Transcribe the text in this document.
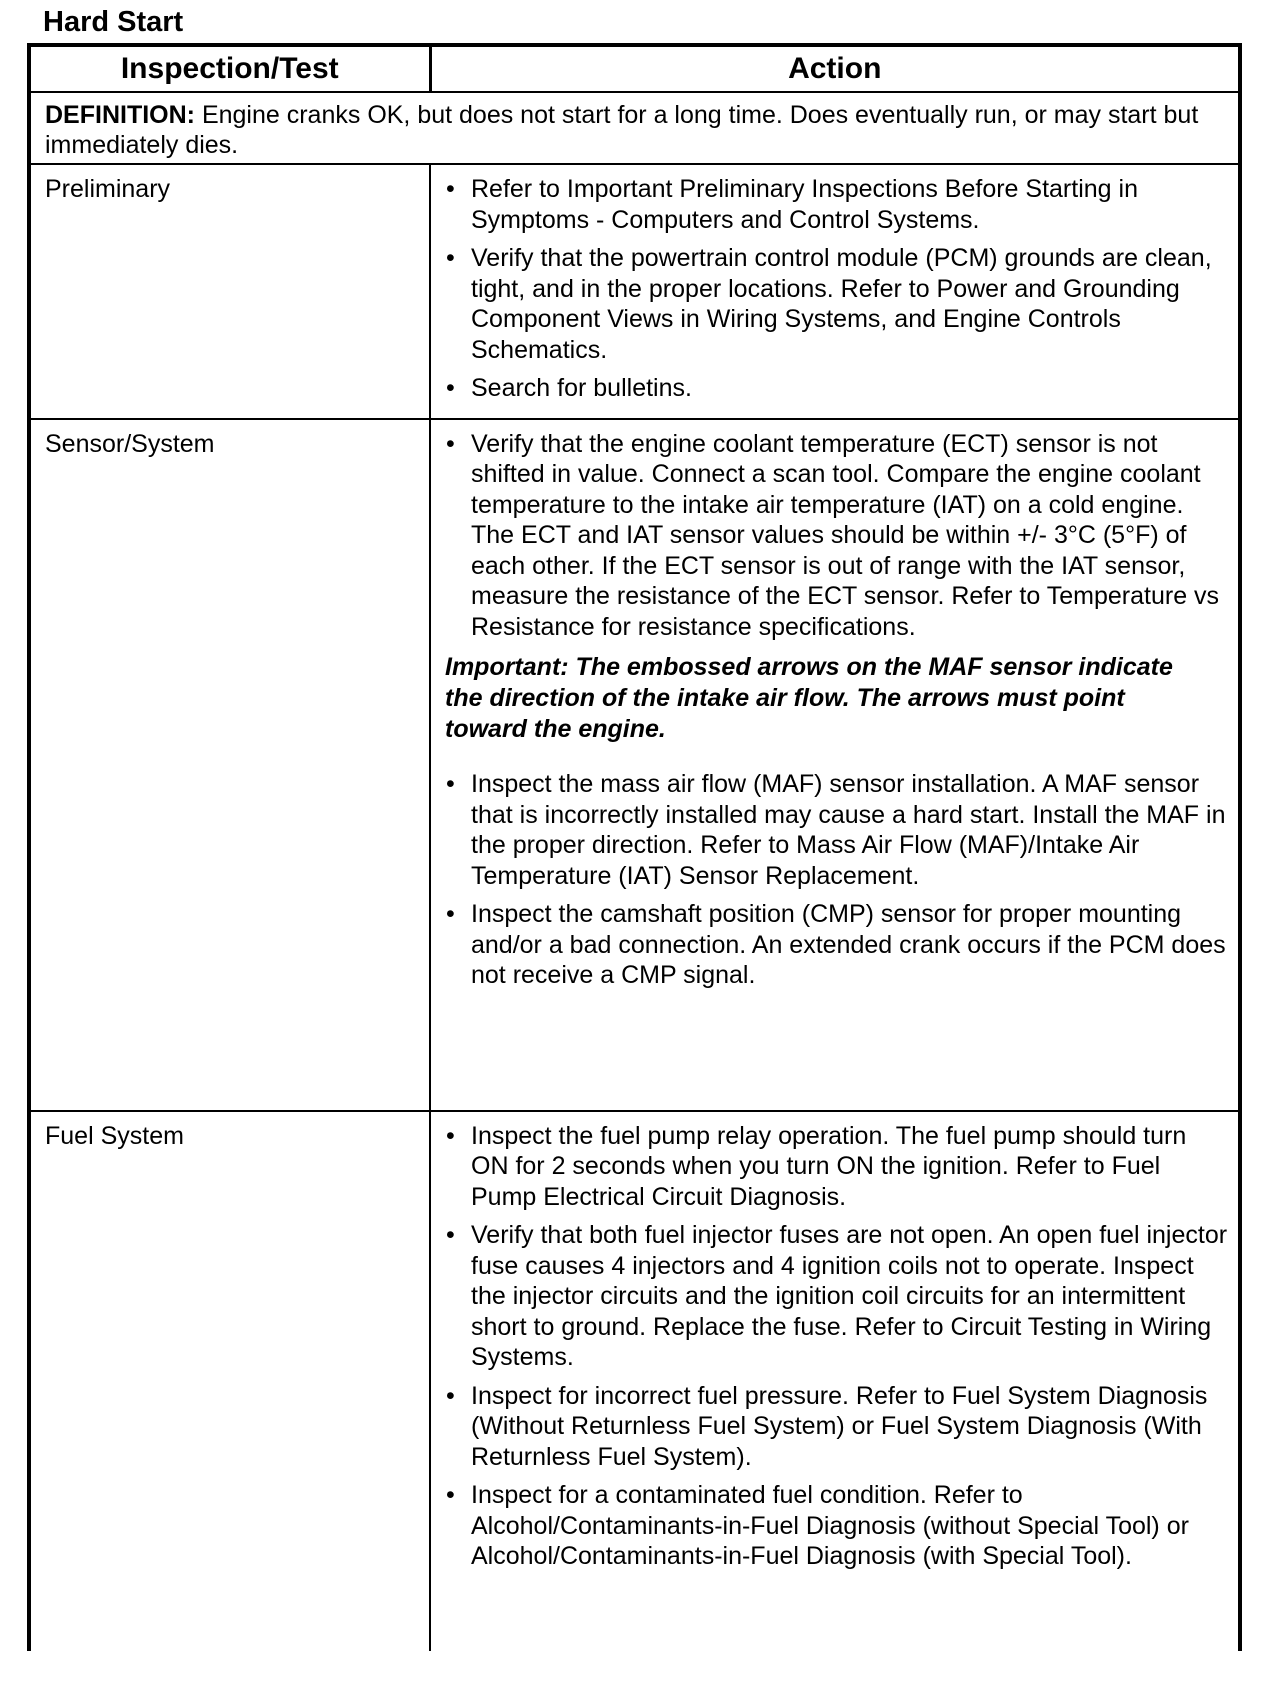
Hard Start
Inspection/Test	Action
DEFINITION: Engine cranks OK, but does not start for a long time. Does eventually run, or may start but immediately dies.	

Preliminary	• Refer to Important Preliminary Inspections Before Starting in Symptoms - Computers and Control Systems.
• Verify that the powertrain control module (PCM) grounds are clean, tight, and in the proper locations. Refer to Power and Grounding Component Views in Wiring Systems, and Engine Controls Schematics.
• Search for bulletins.

Sensor/System	• Verify that the engine coolant temperature (ECT) sensor is not shifted in value. Connect a scan tool. Compare the engine coolant temperature to the intake air temperature (IAT) on a cold engine. The ECT and IAT sensor values should be within +/- 3°C (5°F) of each other. If the ECT sensor is out of range with the IAT sensor, measure the resistance of the ECT sensor. Refer to Temperature vs Resistance for resistance specifications.
Important: The embossed arrows on the MAF sensor indicate the direction of the intake air flow. The arrows must point toward the engine.
• Inspect the mass air flow (MAF) sensor installation. A MAF sensor that is incorrectly installed may cause a hard start. Install the MAF in the proper direction. Refer to Mass Air Flow (MAF)/Intake Air Temperature (IAT) Sensor Replacement.
• Inspect the camshaft position (CMP) sensor for proper mounting and/or a bad connection. An extended crank occurs if the PCM does not receive a CMP signal.

Fuel System	• Inspect the fuel pump relay operation. The fuel pump should turn ON for 2 seconds when you turn ON the ignition. Refer to Fuel Pump Electrical Circuit Diagnosis.
• Verify that both fuel injector fuses are not open. An open fuel injector fuse causes 4 injectors and 4 ignition coils not to operate. Inspect the injector circuits and the ignition coil circuits for an intermittent short to ground. Replace the fuse. Refer to Circuit Testing in Wiring Systems.
• Inspect for incorrect fuel pressure. Refer to Fuel System Diagnosis (Without Returnless Fuel System) or Fuel System Diagnosis (With Returnless Fuel System).
• Inspect for a contaminated fuel condition. Refer to Alcohol/Contaminants-in-Fuel Diagnosis (without Special Tool) or Alcohol/Contaminants-in-Fuel Diagnosis (with Special Tool).
